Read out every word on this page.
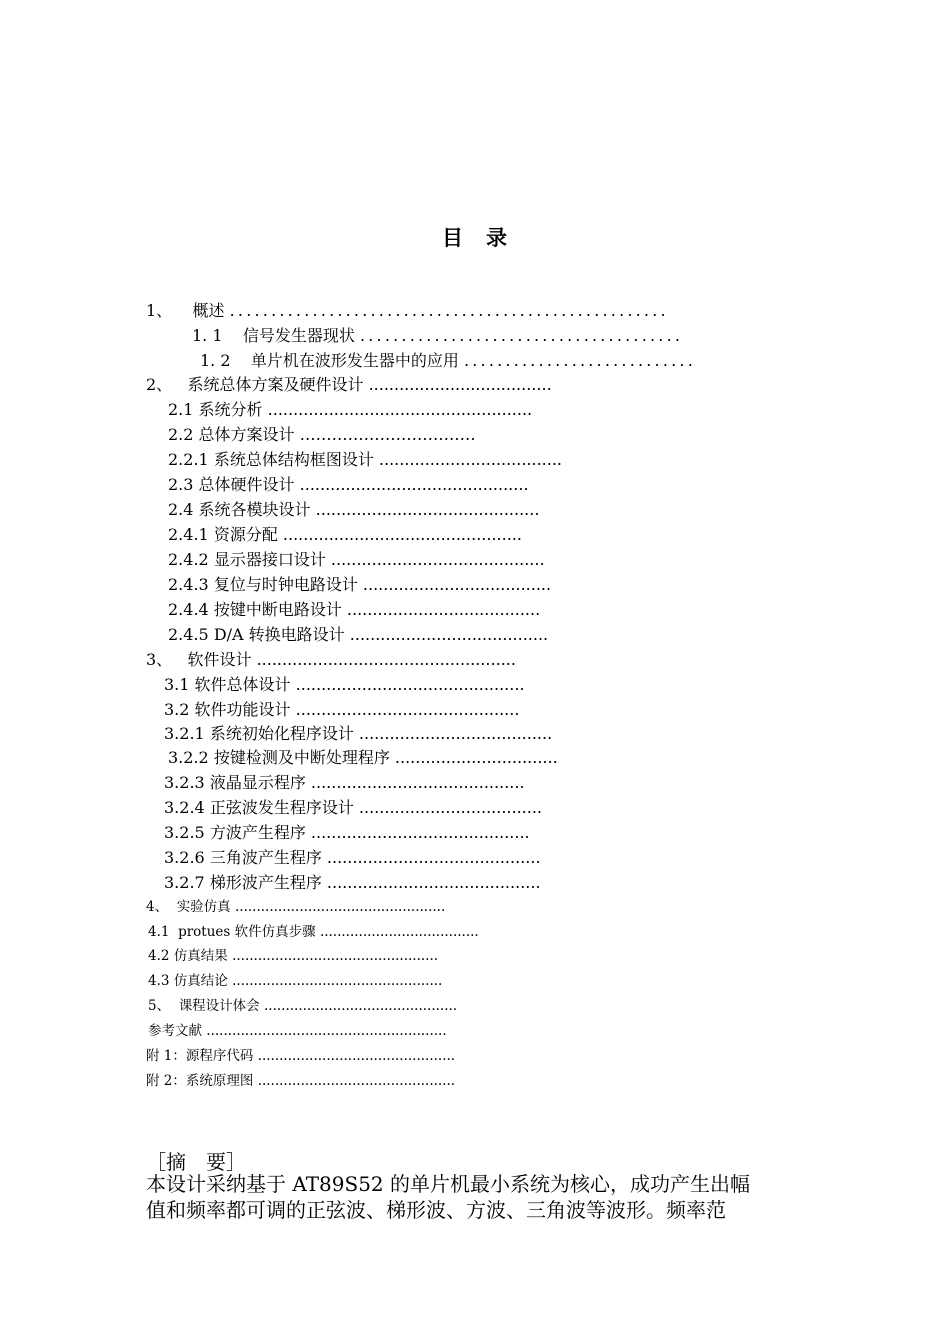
目　录
1、 概述 .....................................................
1. 1 信号发生器现状 .......................................
1. 2 单片机在波形发生器中的应用 ............................
2、 系统总体方案及硬件设计 ....................................
2.1 系统分析 ....................................................
2.2 总体方案设计 ……………………………
2.2.1 系统总体结构框图设计 ....................................
2.3 总体硬件设计 .............................................
2.4 系统各模块设计 ............................................
2.4.1 资源分配 ...............................................
2.4.2 显示器接口设计 ..........................................
2.4.3 复位与时钟电路设计 .....................................
2.4.4 按键中断电路设计 ......................................
2.4.5 D/A 转换电路设计 .......................................
3、 软件设计 ...................................................
3.1 软件总体设计 .............................................
3.2 软件功能设计 ............................................
3.2.1 系统初始化程序设计 ......................................
3.2.2 按键检测及中断处理程序 ................................
3.2.3 液晶显示程序 ..........................................
3.2.4 正弦波发生程序设计 ....................................
3.2.5 方波产生程序 ...........................................
3.2.6 三角波产生程序 ..........................................
3.2.7 梯形波产生程序 ..........................................
4、 实验仿真 .................................................
4.1 protues 软件仿真步骤 .....................................
4.2 仿真结果 ................................................
4.3 仿真结论 .................................................
5、 课程设计体会 .............................................
参考文献 ........................................................
附 1：源程序代码 ..............................................
附 2：系统原理图 ..............................................
［摘　要］
本设计采纳基于 AT89S52 的单片机最小系统为核心，成功产生出幅
值和频率都可调的正弦波、梯形波、方波、三角波等波形。频率范
